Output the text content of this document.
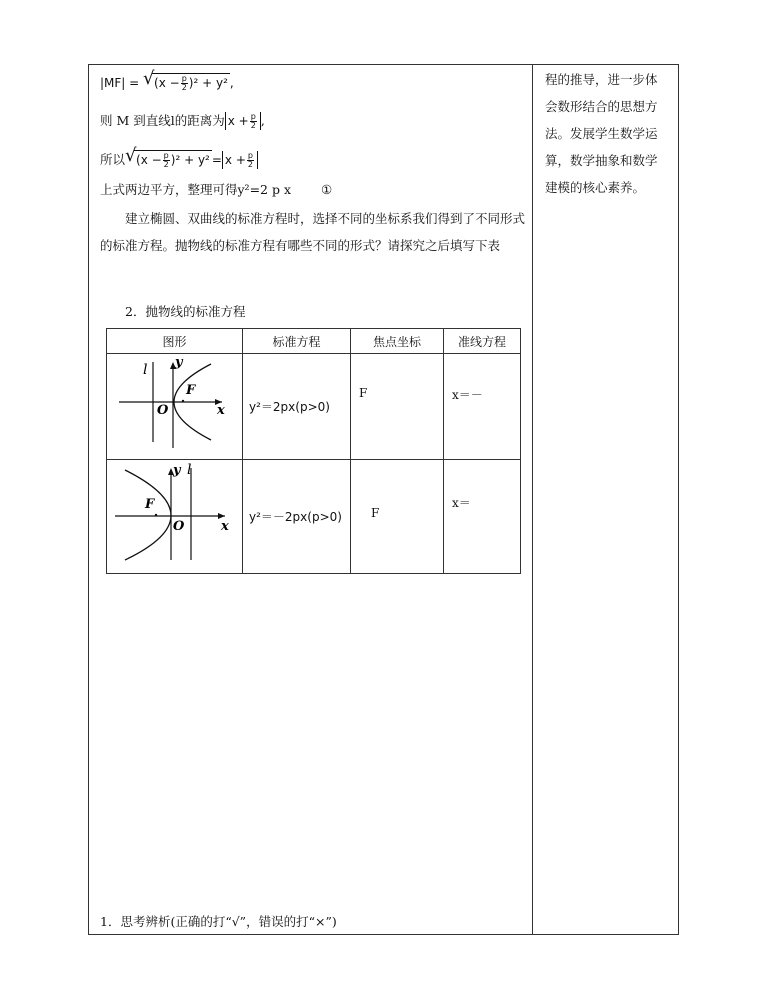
|MF| = √ $(x - \frac{p}{2} )^2 + y^2$ ,
则 M 到直线l的距离为 $x + \frac{p}{2}$ ,
所以 √ $(x - \frac{p}{2} )^2 + y^2 = x + \frac{p}{2}$
上式两边平方，整理可得y²=2 p x ①
建立椭圆、双曲线的标准方程时，选择不同的坐标系我们得到了不同形式的标准方程。抛物线的标准方程有哪些不同的形式？请探究之后填写下表
2．抛物线的标准方程
图形	标准方程	焦点坐标	准线方程

l y
F
O x	y²＝2px(p>0)	F	x＝－

y l
F
O x	y²＝－2px(p>0)	F	x＝
程的推导，进一步体
会数形结合的思想方
法。发展学生数学运
算，数学抽象和数学
建模的核心素养。
1．思考辨析(正确的打“√”，错误的打“×”)
